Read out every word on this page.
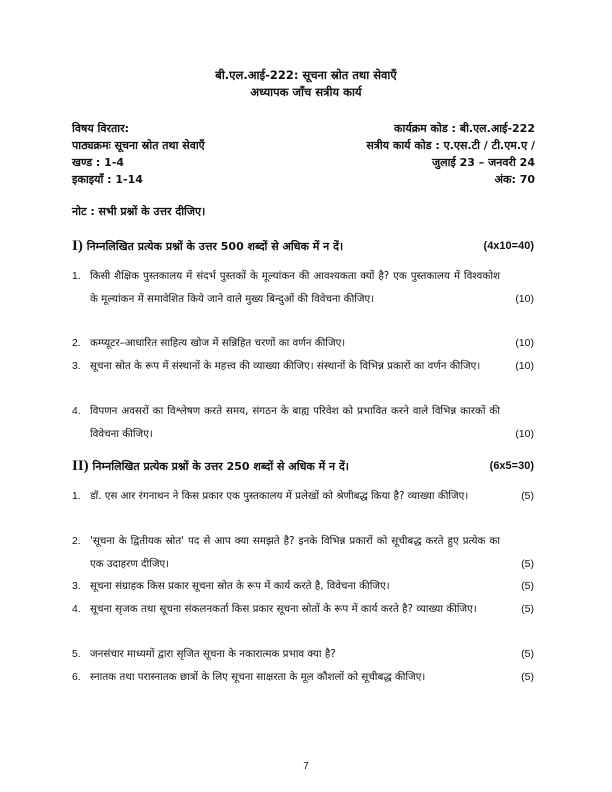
बी.एल.आई-222: सूचना स्रोत तथा सेवाएँ
अध्यापक जाँच सत्रीय कार्य
विषय विरतार:
पाठ्यक्रमः सूचना स्रोत तथा सेवाएँ
खण्ड : 1-4
इकाइयाँ : 1-14
कार्यक्रम कोड : बी.एल.आई-222
सत्रीय कार्य कोड : ए.एस.टी / टी.एम.ए /
जुलाई 23 – जनवरी 24
अंक: 70
नोट : सभी प्रश्नों के उत्तर दीजिए।
I) निम्नलिखित प्रत्येक प्रश्नों के उत्तर 500 शब्दों से अधिक में न दें।	(4x10=40)
1. किसी शैक्षिक पुस्तकालय में संदर्भ पुस्तकों के मूल्यांकन की आवश्यकता क्यों है? एक पुस्तकालय में विश्वकोश के मूल्यांकन में समावेशित किये जाने वाले मुख्य बिन्दुओं की विवेचना कीजिए।	(10)
2. कम्प्यूटर–आधारित साहित्य खोज में सन्निहित चरणों का वर्णन कीजिए।	(10)
3. सूचना स्रोत के रूप में संस्थानों के महत्त्व की व्याख्या कीजिए। संस्थानों के विभिन्न प्रकारों का वर्णन कीजिए।	(10)
4. विपणन अवसरों का विश्लेषण करते समय, संगठन के बाह्य परिवेश को प्रभावित करने वाले विभिन्न कारकों की विवेचना कीजिए।	(10)
II) निम्नलिखित प्रत्येक प्रश्नों के उत्तर 250 शब्दों से अधिक में न दें।	(6x5=30)
1. डॉ. एस आर रंगनाथन ने किस प्रकार एक पुस्तकालय में प्रलेखों को श्रेणीबद्ध किया है? व्याख्या कीजिए।	(5)
2. 'सूचना के द्वितीयक स्रोत' पद से आप क्या समझते है? इनके विभिन्न प्रकारों को सूचीबद्ध करते हुए प्रत्येक का एक उदाहरण दीजिए।	(5)
3. सूचना संग्राहक किस प्रकार सूचना स्रोत के रूप में कार्य करते है, विवेचना कीजिए।	(5)
4. सूचना सृजक तथा सूचना संकलनकर्ता किस प्रकार सूचना स्रोतों के रूप में कार्य करते है? व्याख्या कीजिए।	(5)
5. जनसंचार माध्यमों द्वारा सृजित सूचना के नकारात्मक प्रभाव क्या है?	(5)
6. स्नातक तथा परास्नातक छात्रों के लिए सूचना साक्षरता के मूल कौशलों को सूचीबद्ध कीजिए।	(5)
7
